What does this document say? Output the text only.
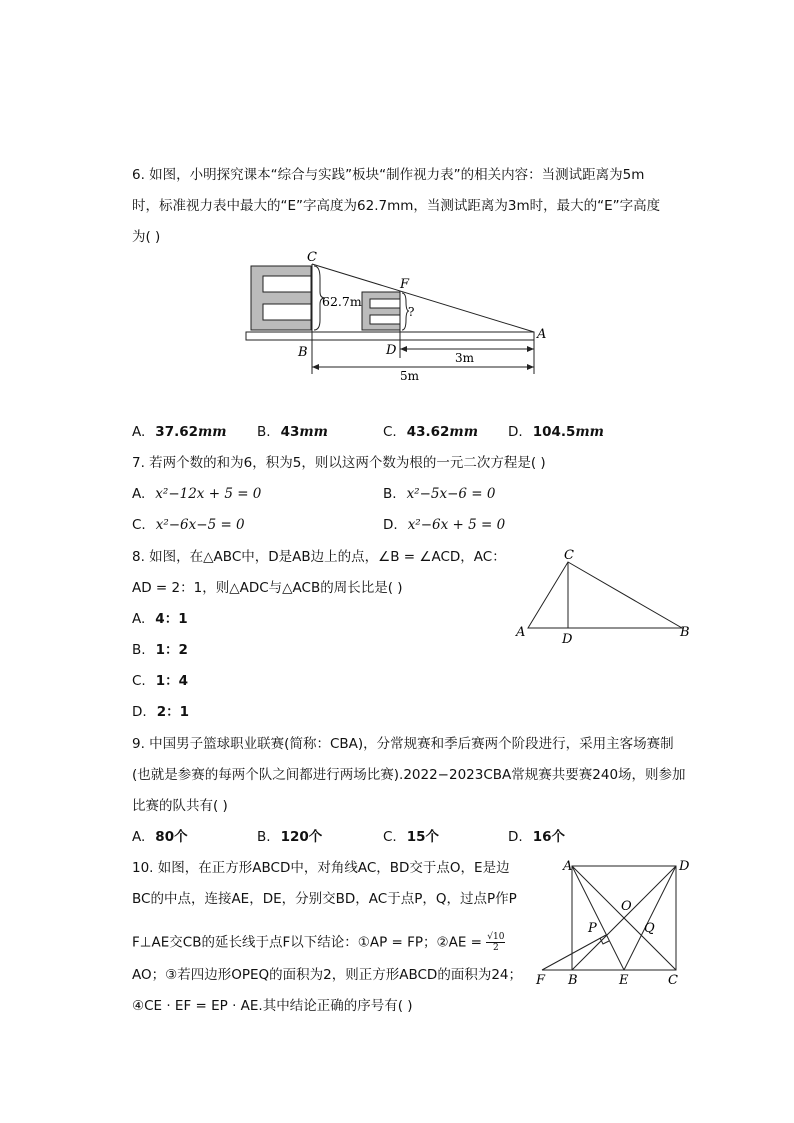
6. 如图，小明探究课本“综合与实践”板块“制作视力表”的相关内容：当测试距离为5m
时，标准视力表中最大的“E”字高度为62.7mm，当测试距离为3m时，最大的“E”字高度
为( )
C
F
A
B	D
62.7m
?
3m
5m
A. 37.62mm B. 43mm	C. 43.62mm D. 104.5mm
7. 若两个数的和为6，积为5，则以这两个数为根的一元二次方程是( )
A. x²−12x + 5 = 0	B. x²−5x−6 = 0
C. x²−6x−5 = 0	D. x²−6x + 5 = 0
8. 如图，在△ABC中，D是AB边上的点，∠B = ∠ACD，AC：
AD = 2：1，则△ADC与△ACB的周长比是( )
A. 4：1
B. 1：2
C. 1：4
D. 2：1
C
A	D	B
9. 中国男子篮球职业联赛(简称：CBA)，分常规赛和季后赛两个阶段进行，采用主客场赛制
(也就是参赛的每两个队之间都进行两场比赛).2022−2023CBA常规赛共要赛240场，则参加
比赛的队共有( )
A. 80个	B. 120个	C. 15个	D. 16个
10. 如图，在正方形ABCD中，对角线AC，BD交于点O，E是边
BC的中点，连接AE，DE，分别交BD，AC于点P，Q，过点P作P
F⊥AE交CB的延长线于点F以下结论：①AP = FP；②AE = $\frac{√10}{2}$
AO；③若四边形OPEQ的面积为2，则正方形ABCD的面积为24；
④CE · EF = EP · AE.其中结论正确的序号有( )
A	D
O
P	Q
F B	E	C
